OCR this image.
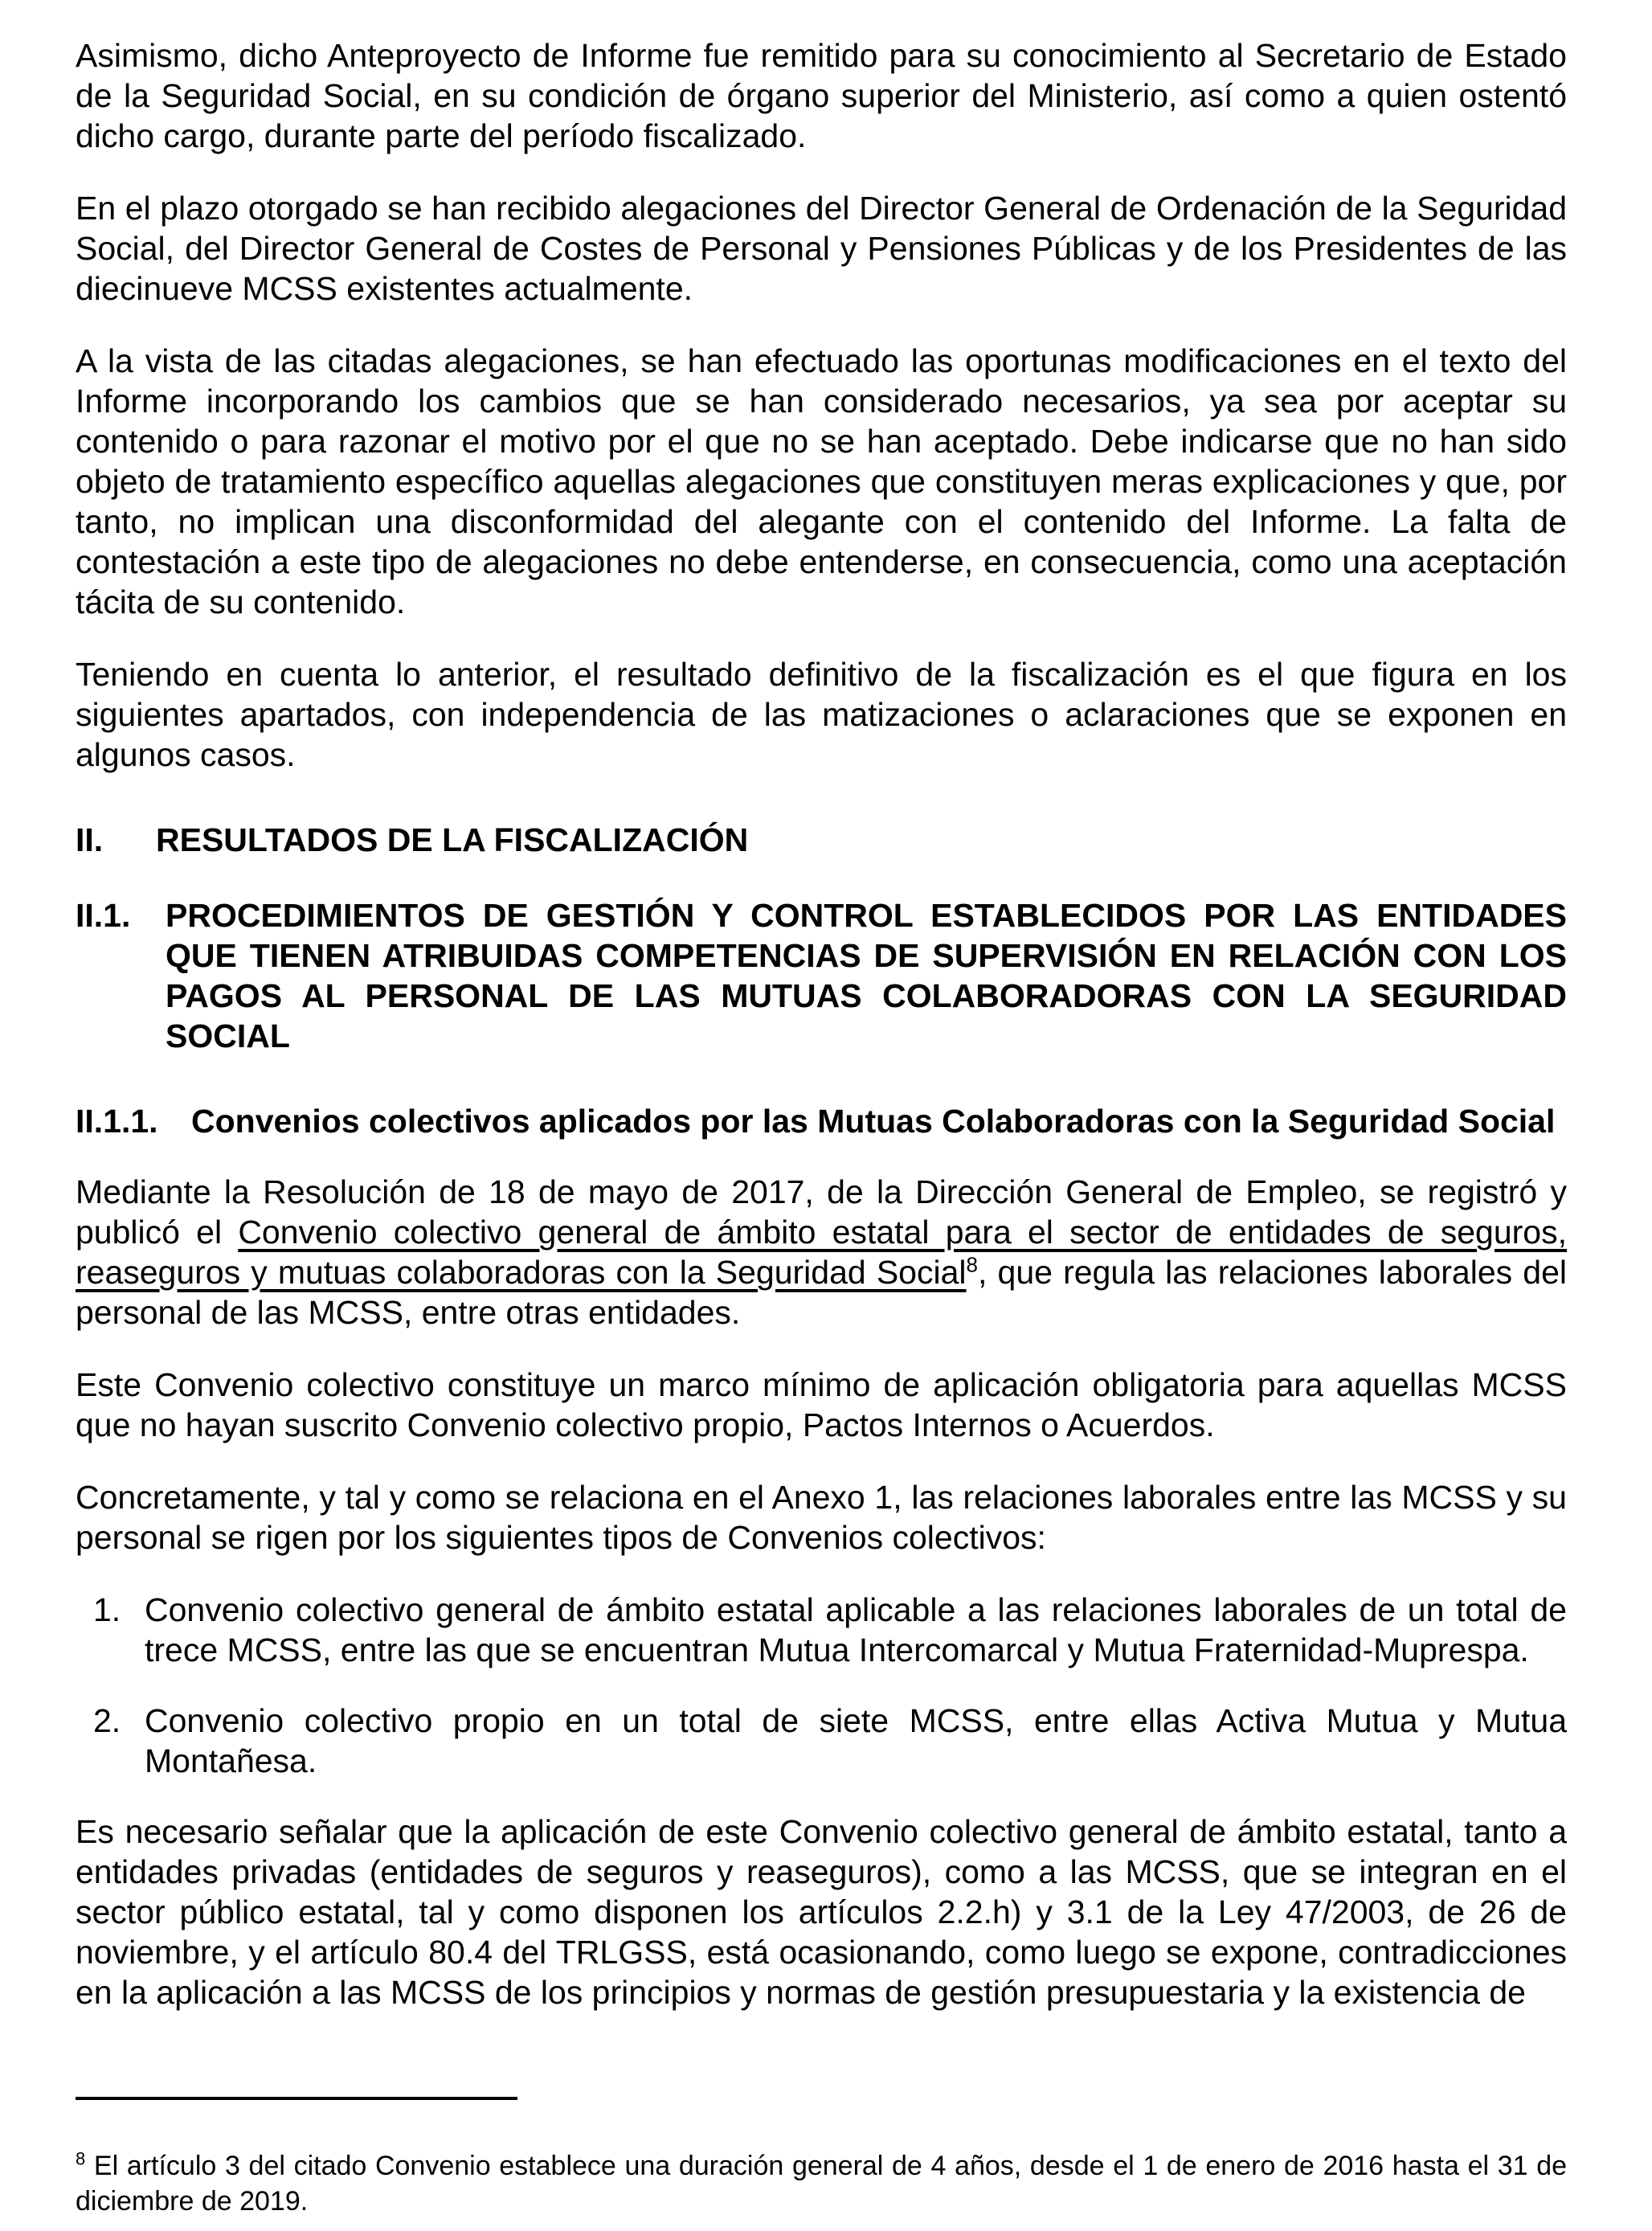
Asimismo, dicho Anteproyecto de Informe fue remitido para su conocimiento al Secretario de Estado de la Seguridad Social, en su condición de órgano superior del Ministerio, así como a quien ostentó dicho cargo, durante parte del período fiscalizado.

En el plazo otorgado se han recibido alegaciones del Director General de Ordenación de la Seguridad Social, del Director General de Costes de Personal y Pensiones Públicas y de los Presidentes de las diecinueve MCSS existentes actualmente.

A la vista de las citadas alegaciones, se han efectuado las oportunas modificaciones en el texto del Informe incorporando los cambios que se han considerado necesarios, ya sea por aceptar su contenido o para razonar el motivo por el que no se han aceptado. Debe indicarse que no han sido objeto de tratamiento específico aquellas alegaciones que constituyen meras explicaciones y que, por tanto, no implican una disconformidad del alegante con el contenido del Informe. La falta de contestación a este tipo de alegaciones no debe entenderse, en consecuencia, como una aceptación tácita de su contenido.

Teniendo en cuenta lo anterior, el resultado definitivo de la fiscalización es el que figura en los siguientes apartados, con independencia de las matizaciones o aclaraciones que se exponen en algunos casos.

II.	RESULTADOS DE LA FISCALIZACIÓN
II.1.	PROCEDIMIENTOS DE GESTIÓN Y CONTROL ESTABLECIDOS POR LAS ENTIDADES QUE TIENEN ATRIBUIDAS COMPETENCIAS DE SUPERVISIÓN EN RELACIÓN CON LOS PAGOS AL PERSONAL DE LAS MUTUAS COLABORADORAS CON LA SEGURIDAD SOCIAL
II.1.1.	Convenios colectivos aplicados por las Mutuas Colaboradoras con la Seguridad Social

Mediante la Resolución de 18 de mayo de 2017, de la Dirección General de Empleo, se registró y publicó el Convenio colectivo general de ámbito estatal para el sector de entidades de seguros, reaseguros y mutuas colaboradoras con la Seguridad Social$^8$, que regula las relaciones laborales del personal de las MCSS, entre otras entidades.

Este Convenio colectivo constituye un marco mínimo de aplicación obligatoria para aquellas MCSS que no hayan suscrito Convenio colectivo propio, Pactos Internos o Acuerdos.

Concretamente, y tal y como se relaciona en el Anexo 1, las relaciones laborales entre las MCSS y su personal se rigen por los siguientes tipos de Convenios colectivos:

1. Convenio colectivo general de ámbito estatal aplicable a las relaciones laborales de un total de trece MCSS, entre las que se encuentran Mutua Intercomarcal y Mutua Fraternidad-Muprespa.
2. Convenio colectivo propio en un total de siete MCSS, entre ellas Activa Mutua y Mutua Montañesa.

Es necesario señalar que la aplicación de este Convenio colectivo general de ámbito estatal, tanto a entidades privadas (entidades de seguros y reaseguros), como a las MCSS, que se integran en el sector público estatal, tal y como disponen los artículos 2.2.h) y 3.1 de la Ley 47/2003, de 26 de noviembre, y el artículo 80.4 del TRLGSS, está ocasionando, como luego se expone, contradicciones en la aplicación a las MCSS de los principios y normas de gestión presupuestaria y la existencia de

$^8$ El artículo 3 del citado Convenio establece una duración general de 4 años, desde el 1 de enero de 2016 hasta el 31 de diciembre de 2019.
